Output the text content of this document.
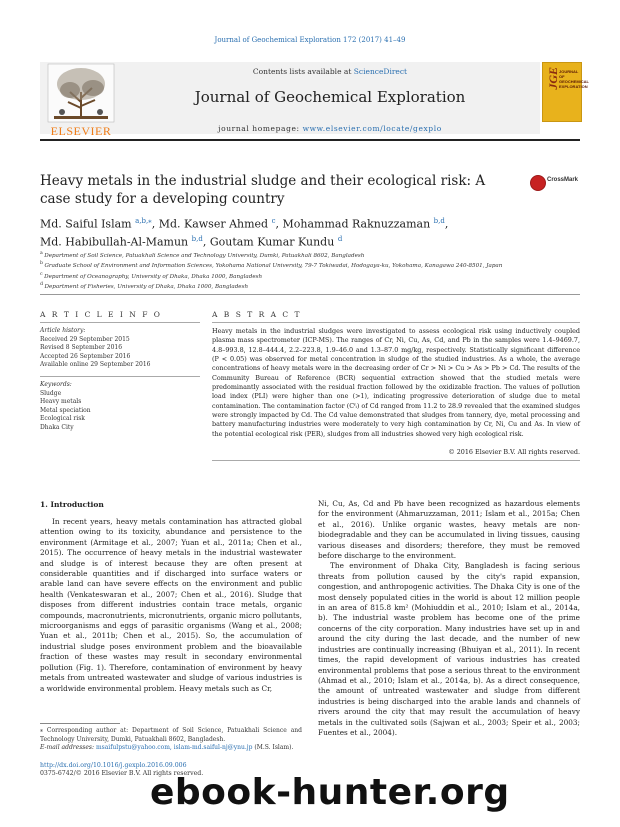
Journal of Geochemical Exploration 172 (2017) 41–49
ELSEVIER
Contents lists available at ScienceDirect
Journal of Geochemical Exploration
journal homepage: www.elsevier.com/locate/gexplo
JGE JOURNAL OF GEOCHEMICAL EXPLORATION
Heavy metals in the industrial sludge and their ecological risk: A case study for a developing country
CrossMark
Md. Saiful Islam $^{a,b,⁎}$, Md. Kawser Ahmed $^c$, Mohammad Raknuzzaman $^{b,d}$,
Md. Habibullah-Al-Mamun $^{b,d}$, Goutam Kumar Kundu $^d$
$^a$ Department of Soil Science, Patuakhali Science and Technology University, Dumki, Patuakhali 8602, Bangladesh
$^b$ Graduate School of Environment and Information Sciences, Yokohama National University, 79-7 Tokiwadai, Hodogaya-ku, Yokohama, Kanagawa 240-8501, Japan
$^c$ Department of Oceanography, University of Dhaka, Dhaka 1000, Bangladesh
$^d$ Department of Fisheries, University of Dhaka, Dhaka 1000, Bangladesh
A R T I C L E I N F O	A B S T R A C T
Article history:
Received 29 September 2015
Revised 8 September 2016
Accepted 26 September 2016
Available online 29 September 2016
Keywords:
Sludge
Heavy metals
Metal speciation
Ecological risk
Dhaka City
Heavy metals in the industrial sludges were investigated to assess ecological risk using inductively coupled plasma mass spectrometer (ICP-MS). The ranges of Cr, Ni, Cu, As, Cd, and Pb in the samples were 1.4–9469.7, 4.8–993.8, 12.8–444.4, 2.2–223.8, 1.9–46.0 and 1.3–87.0 mg/kg, respectively. Statistically significant difference (P < 0.05) was observed for metal concentration in sludge of the studied industries. As a whole, the average concentrations of heavy metals were in the decreasing order of Cr > Ni > Cu > As > Pb > Cd. The results of the Community Bureau of Reference (BCR) sequential extraction showed that the studied metals were predominantly associated with the residual fraction followed by the oxidizable fraction. The values of pollution load index (PLI) were higher than one (>1), indicating progressive deterioration of sludge due to metal contamination. The contamination factor (Cᶠᵢ) of Cd ranged from 11.2 to 28.9 revealed that the examined sludges were strongly impacted by Cd. The Cd value demonstrated that sludges from tannery, dye, metal processing and battery manufacturing industries were moderately to very high contamination by Cr, Ni, Cu and As. In view of the potential ecological risk (PER), sludges from all industries showed very high ecological risk.
© 2016 Elsevier B.V. All rights reserved.
1. Introduction

In recent years, heavy metals contamination has attracted global attention owing to its toxicity, abundance and persistence to the environment (Armitage et al., 2007; Yuan et al., 2011a; Chen et al., 2015). The occurrence of heavy metals in the industrial wastewater and sludge is of interest because they are often present at considerable quantities and if discharged into surface waters or arable land can have severe effects on the environment and public health (Venkateswaran et al., 2007; Chen et al., 2016). Sludge that disposes from different industries contain trace metals, organic compounds, macronutrients, micronutrients, organic micro pollutants, microorganisms and eggs of parasitic organisms (Wang et al., 2008; Yuan et al., 2011b; Chen et al., 2015). So, the accumulation of industrial sludge poses environment problem and the bioavailable fraction of these wastes may result in secondary environmental pollution (Fig. 1). Therefore, contamination of environment by heavy metals from untreated wastewater and sludge of various industries is a worldwide environmental problem. Heavy metals such as Cr,

Ni, Cu, As, Cd and Pb have been recognized as hazardous elements for the environment (Ahmaruzzaman, 2011; Islam et al., 2015a; Chen et al., 2016). Unlike organic wastes, heavy metals are non-biodegradable and they can be accumulated in living tissues, causing various diseases and disorders; therefore, they must be removed before discharge to the environment.

The environment of Dhaka City, Bangladesh is facing serious threats from pollution caused by the city's rapid expansion, congestion, and anthropogenic activities. The Dhaka City is one of the most densely populated cities in the world is about 12 million people in an area of 815.8 km² (Mohiuddin et al., 2010; Islam et al., 2014a, b). The industrial waste problem has become one of the prime concerns of the city corporation. Many industries have set up in and around the city during the last decade, and the number of new industries are continually increasing (Bhuiyan et al., 2011). In recent times, the rapid development of various industries has created environmental problems that pose a serious threat to the environment (Ahmad et al., 2010; Islam et al., 2014a, b). As a direct consequence, the amount of untreated wastewater and sludge from different industries is being discharged into the arable lands and channels of rivers around the city that may result the accumulation of heavy metals in the cultivated soils (Sajwan et al., 2003; Speir et al., 2003; Fuentes et al., 2004).

⁎ Corresponding author at: Department of Soil Science, Patuakhali Science and Technology University, Dumki, Patuakhali 8602, Bangladesh.
E-mail addresses: msaifulpstu@yahoo.com, islam-md.saiful-nj@ynu.jp (M.S. Islam).
http://dx.doi.org/10.1016/j.gexplo.2016.09.006
0375-6742/© 2016 Elsevier B.V. All rights reserved.
ebook-hunter.org
